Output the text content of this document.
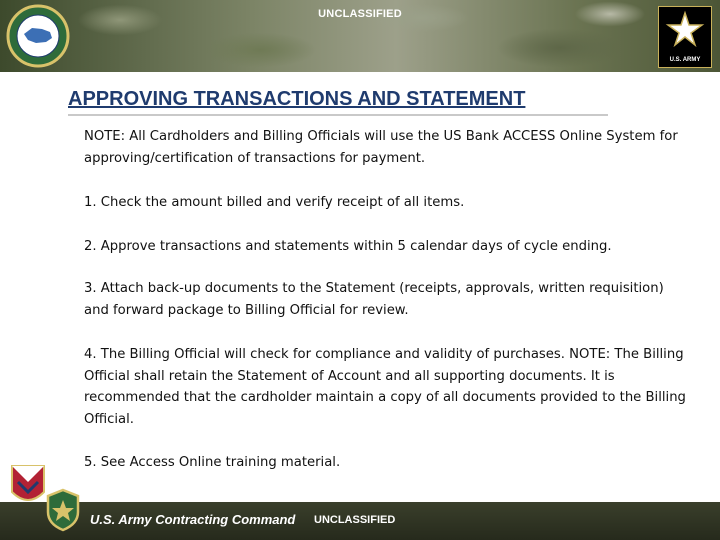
UNCLASSIFIED
U.S. ARMY
APPROVING TRANSACTIONS AND STATEMENT

NOTE: All Cardholders and Billing Officials will use the US Bank ACCESS Online System for approving/certification of transactions for payment.

1. Check the amount billed and verify receipt of all items.

2. Approve transactions and statements within 5 calendar days of cycle ending.

3. Attach back-up documents to the Statement (receipts, approvals, written requisition) and forward package to Billing Official for review.

4. The Billing Official will check for compliance and validity of purchases. NOTE: The Billing Official shall retain the Statement of Account and all supporting documents. It is recommended that the cardholder maintain a copy of all documents provided to the Billing Official.

5. See Access Online training material.

U.S. Army Contracting Command UNCLASSIFIED
